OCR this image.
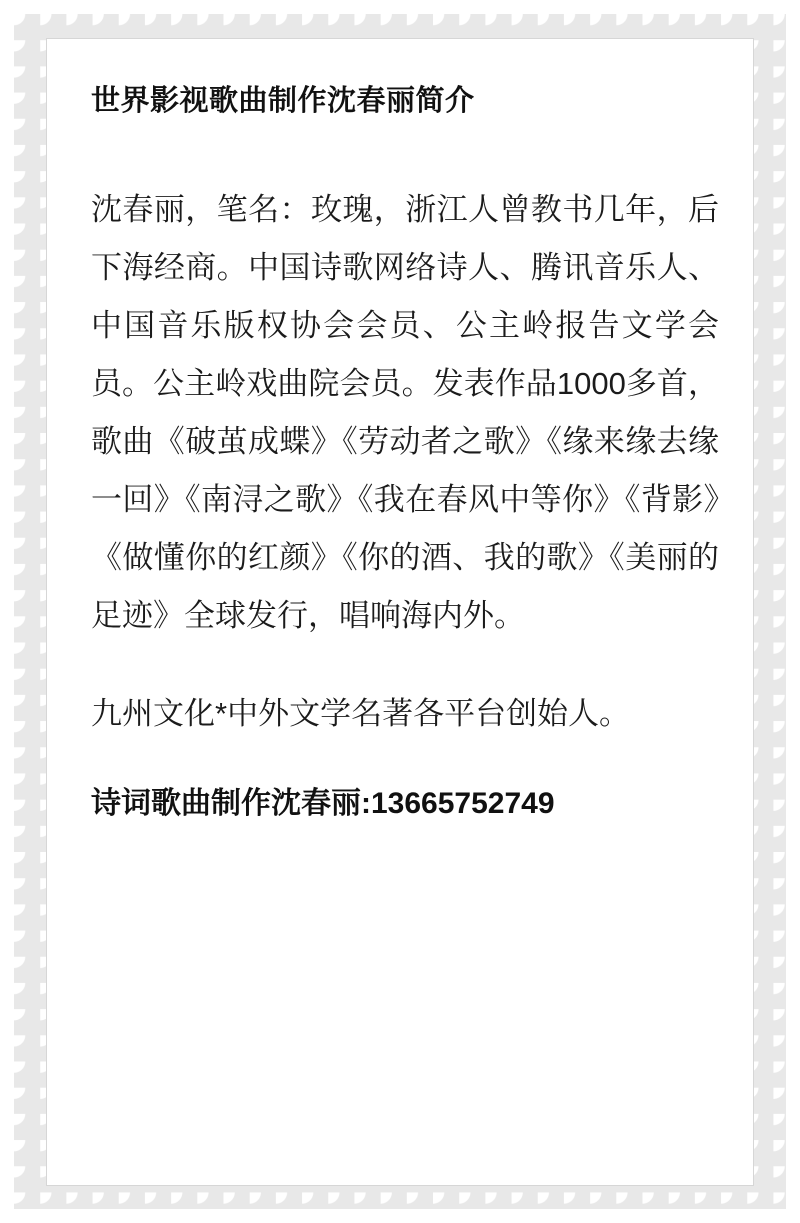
世界影视歌曲制作沈春丽简介

沈春丽，笔名：玫瑰，浙江人曾教书几年，后下海经商。中国诗歌网络诗人、腾讯音乐人、中国音乐版权协会会员、公主岭报告文学会员。公主岭戏曲院会员。发表作品1000多首，歌曲《破茧成蝶》《劳动者之歌》《缘来缘去缘一回》《南浔之歌》《我在春风中等你》《背影》《做懂你的红颜》《你的酒、我的歌》《美丽的足迹》全球发行，唱响海内外。

九州文化*中外文学名著各平台创始人。

诗词歌曲制作沈春丽:13665752749
